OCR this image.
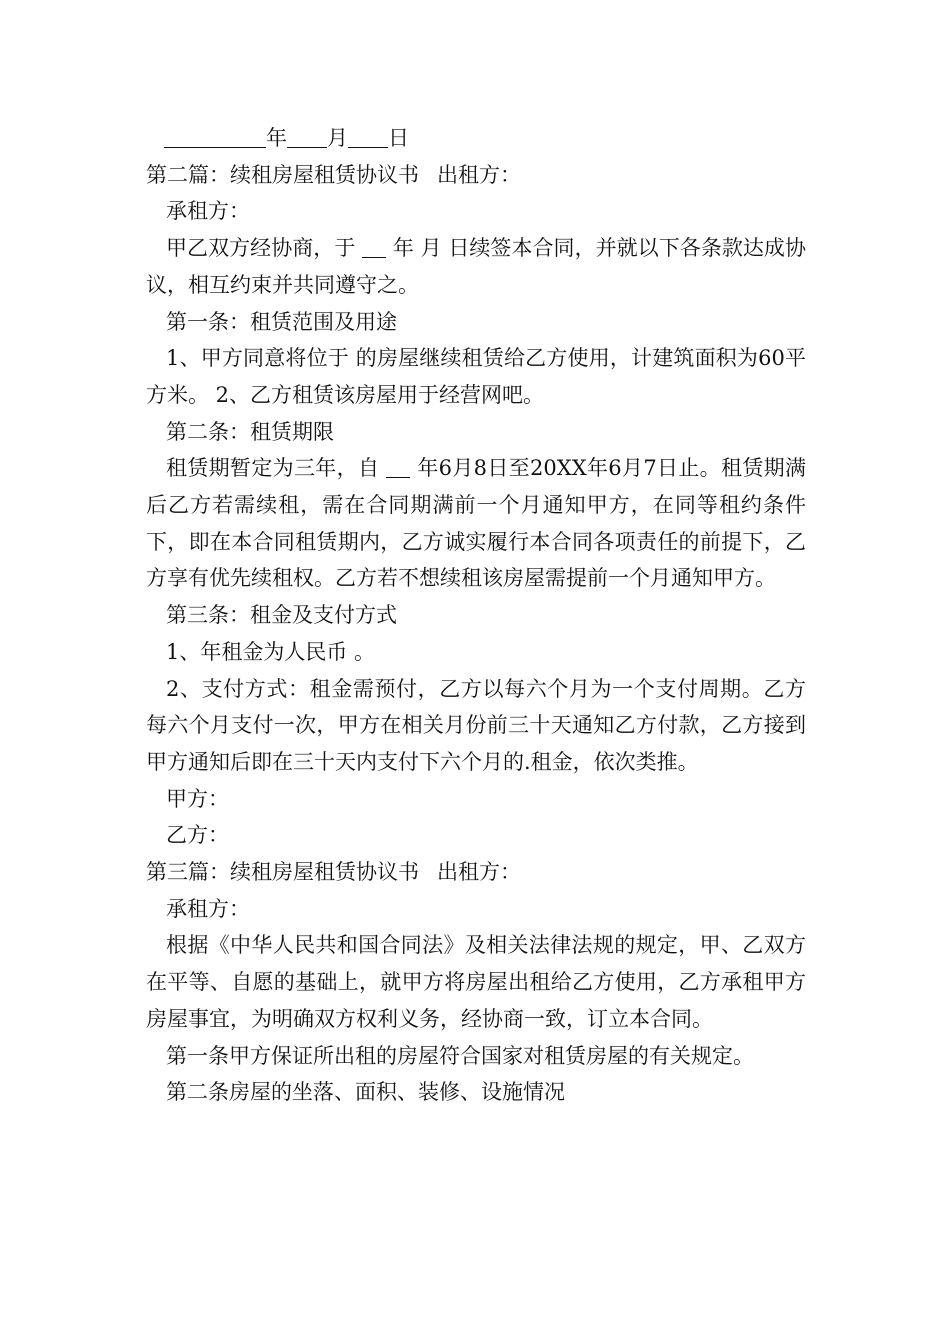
年 月 日

第二篇：续租房屋租赁协议书 出租方：

承租方：

甲乙双方经协商，于 年 月 日续签本合同，并就以下各条款达成协议，相互约束并共同遵守之。

第一条：租赁范围及用途

1、甲方同意将位于 的房屋继续租赁给乙方使用，计建筑面积为60平方米。 2、乙方租赁该房屋用于经营网吧。

第二条：租赁期限

租赁期暂定为三年，自 年6月8日至20XX年6月7日止。租赁期满后乙方若需续租，需在合同期满前一个月通知甲方，在同等租约条件下，即在本合同租赁期内，乙方诚实履行本合同各项责任的前提下，乙方享有优先续租权。乙方若不想续租该房屋需提前一个月通知甲方。

第三条：租金及支付方式

1、年租金为人民币 。

2、支付方式：租金需预付，乙方以每六个月为一个支付周期。乙方每六个月支付一次，甲方在相关月份前三十天通知乙方付款，乙方接到甲方通知后即在三十天内支付下六个月的.租金，依次类推。

甲方：

乙方：

第三篇：续租房屋租赁协议书 出租方：

承租方：

根据《中华人民共和国合同法》及相关法律法规的规定，甲、乙双方在平等、自愿的基础上，就甲方将房屋出租给乙方使用，乙方承租甲方房屋事宜，为明确双方权利义务，经协商一致，订立本合同。

第一条甲方保证所出租的房屋符合国家对租赁房屋的有关规定。

第二条房屋的坐落、面积、装修、设施情况
